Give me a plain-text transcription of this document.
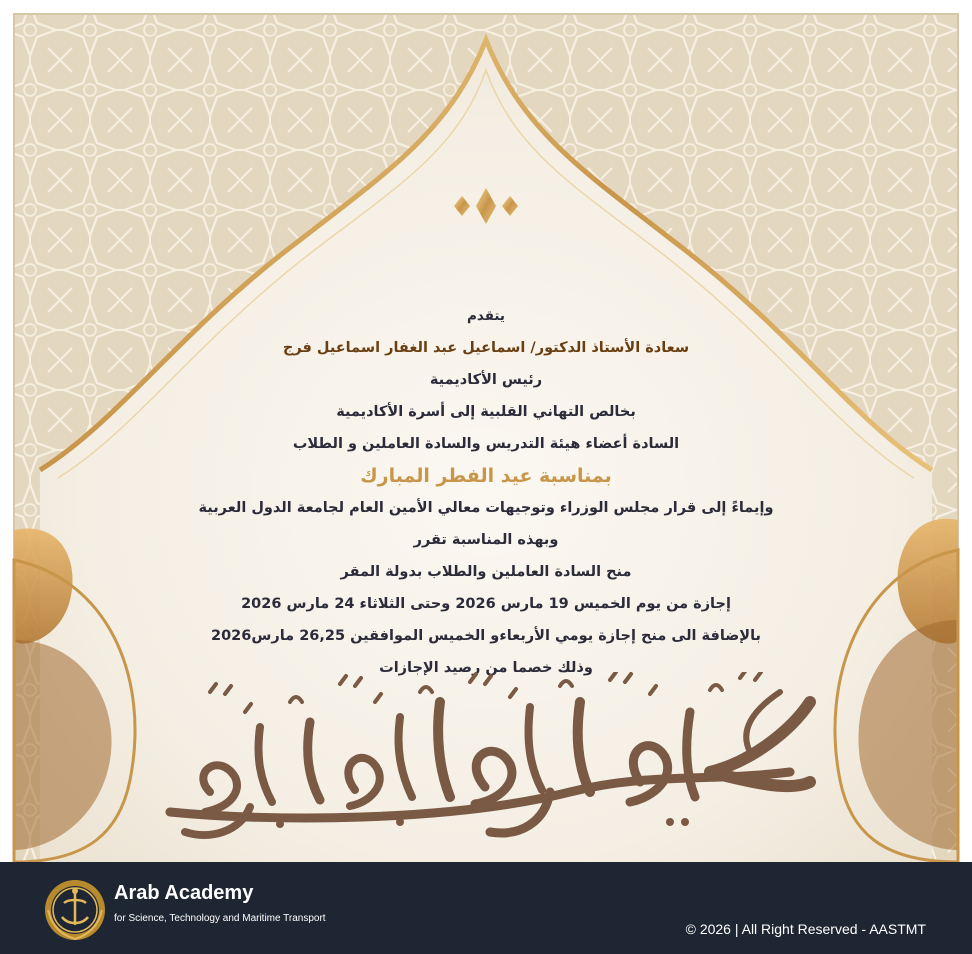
يتقدم
سعادة الأستاذ الدكتور/ اسماعيل عبد الغفار اسماعيل فرج
رئيس الأكاديمية
بخالص التهاني القلبية إلى أسرة الأكاديمية
السادة أعضاء هيئة التدريس والسادة العاملين و الطلاب
بمناسبة عيد الفطر المبارك
وإيماءً إلى قرار مجلس الوزراء وتوجيهات معالي الأمين العام لجامعة الدول العربية
وبهذه المناسبة تقرر
منح السادة العاملين والطلاب بدولة المقر
إجازة من يوم الخميس 19 مارس 2026 وحتى الثلاثاء 24 مارس 2026
بالإضافة الى منح إجازة يومي الأربعاءو الخميس الموافقين 26,25 مارس2026
وذلك خصما من رصيد الإجازات
Arab Academy
for Science, Technology and Maritime Transport
© 2026 | All Right Reserved - AASTMT
